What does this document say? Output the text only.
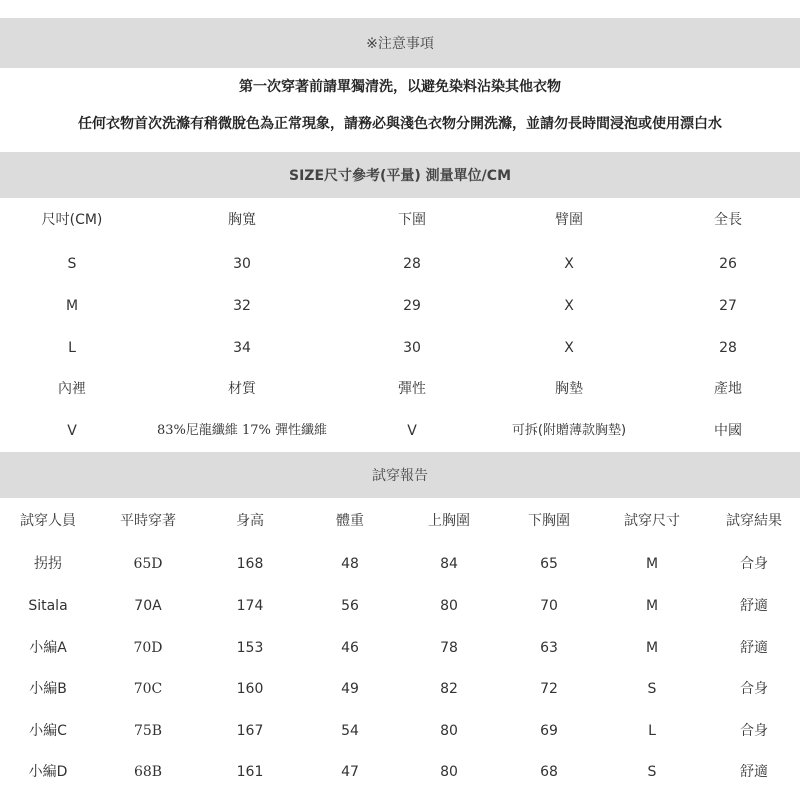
※注意事項
第一次穿著前請單獨清洗，以避免染料沾染其他衣物
任何衣物首次洗滌有稍微脫色為正常現象，請務必與淺色衣物分開洗滌，並請勿長時間浸泡或使用漂白水
SIZE尺寸參考(平量) 測量單位/CM
尺吋(CM)	胸寬	下圍	臂圍	全長
S	30	28	X	26
M	32	29	X	27
L	34	30	X	28
內裡	材質	彈性	胸墊	產地
V	83%尼龍纖維 17% 彈性纖維	V	可拆(附贈薄款胸墊)	中國
試穿報告
試穿人員	平時穿著	身高	體重	上胸圍	下胸圍	試穿尺寸	試穿結果
拐拐	65D	168	48	84	65	M	合身
Sitala	70A	174	56	80	70	M	舒適
小編A	70D	153	46	78	63	M	舒適
小編B	70C	160	49	82	72	S	合身
小編C	75B	167	54	80	69	L	合身
小編D	68B	161	47	80	68	S	舒適
